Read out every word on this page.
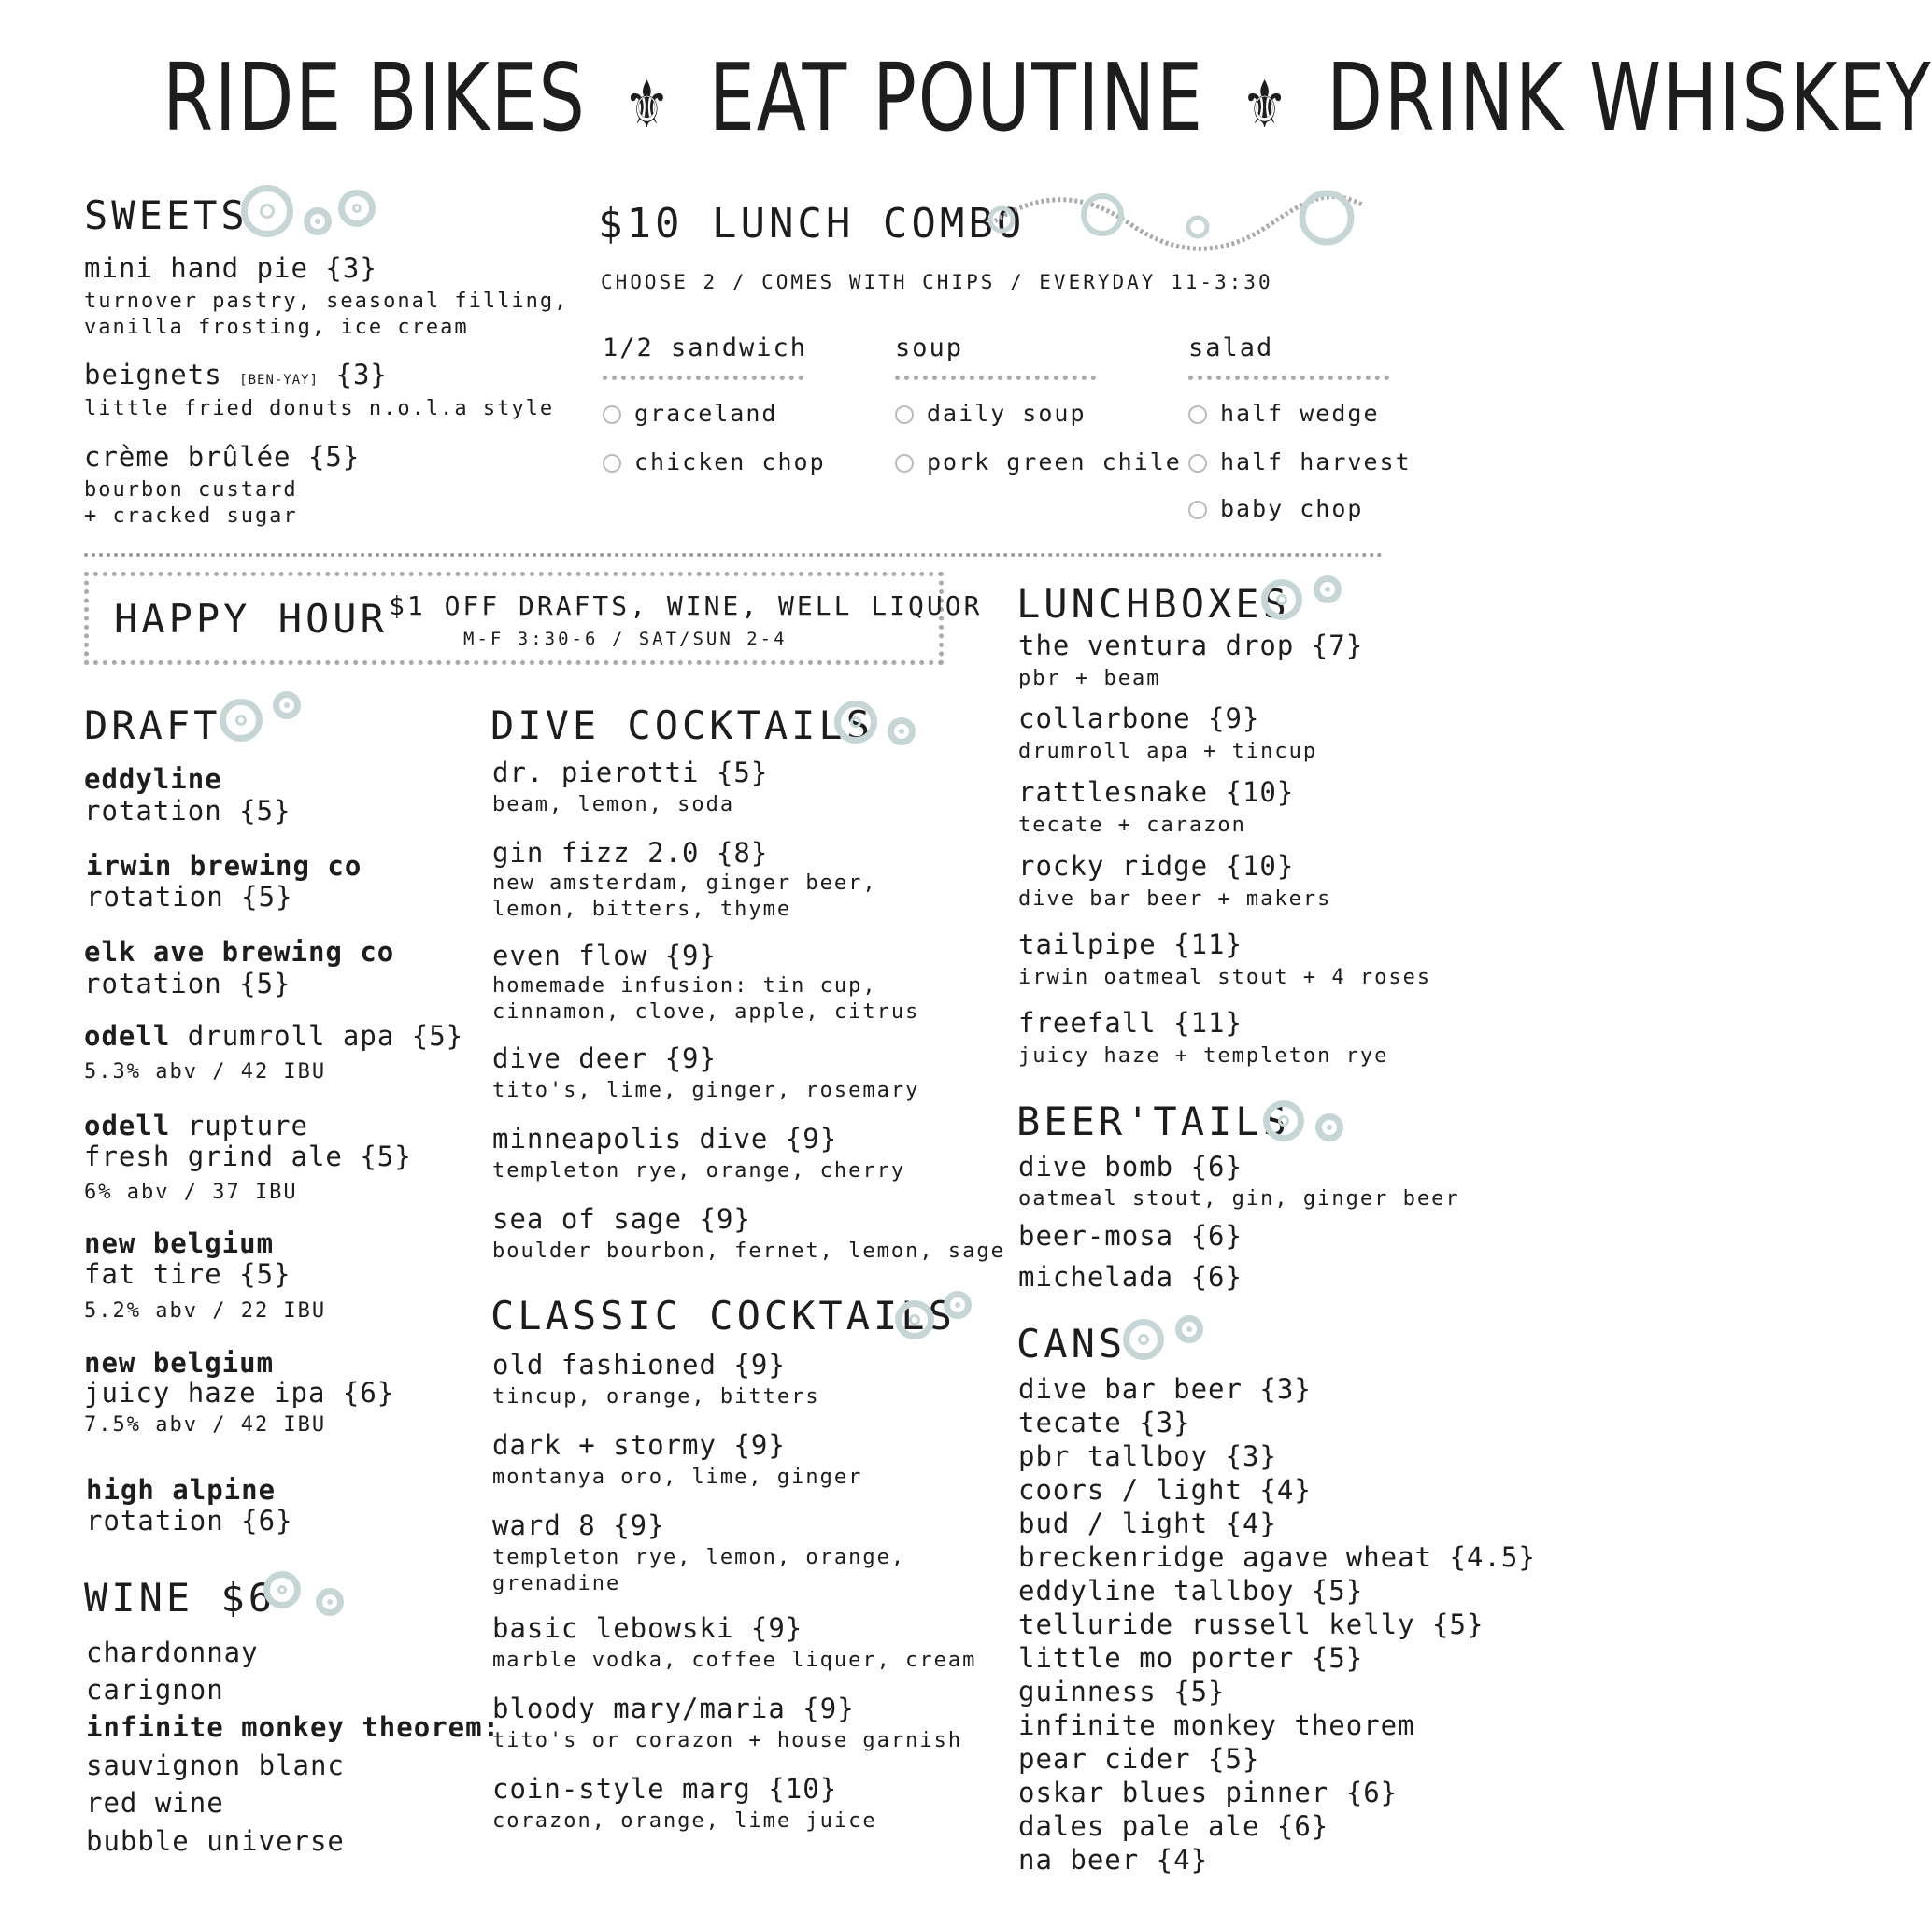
RIDE BIKES ⚜ EAT POUTINE ⚜ DRINK WHISKEY
SWEETS
mini hand pie {3}
turnover pastry, seasonal filling,
vanilla frosting, ice cream
beignets [BEN-YAY] {3}
little fried donuts n.o.l.a style
crème brûlée {5}
bourbon custard
+ cracked sugar
$10 LUNCH COMBO
CHOOSE 2 / COMES WITH CHIPS / EVERYDAY 11-3:30
1/2 sandwich
graceland
chicken chop
soup
daily soup
pork green chile
salad
half wedge
half harvest
baby chop
HAPPY HOUR $1 OFF DRAFTS, WINE, WELL LIQUOR
M-F 3:30-6 / SAT/SUN 2-4
DRAFT
eddyline
rotation {5}
irwin brewing co
rotation {5}
elk ave brewing co
rotation {5}
odell drumroll apa {5}
5.3% abv / 42 IBU
odell rupture
fresh grind ale {5}
6% abv / 37 IBU
new belgium
fat tire {5}
5.2% abv / 22 IBU
new belgium
juicy haze ipa {6}
7.5% abv / 42 IBU
high alpine
rotation {6}
WINE $6
chardonnay
carignon
infinite monkey theorem:
sauvignon blanc
red wine
bubble universe
DIVE COCKTAILS
dr. pierotti {5}
beam, lemon, soda
gin fizz 2.0 {8}
new amsterdam, ginger beer,
lemon, bitters, thyme
even flow {9}
homemade infusion: tin cup,
cinnamon, clove, apple, citrus
dive deer {9}
tito's, lime, ginger, rosemary
minneapolis dive {9}
templeton rye, orange, cherry
sea of sage {9}
boulder bourbon, fernet, lemon, sage
CLASSIC COCKTAILS
old fashioned {9}
tincup, orange, bitters
dark + stormy {9}
montanya oro, lime, ginger
ward 8 {9}
templeton rye, lemon, orange,
grenadine
basic lebowski {9}
marble vodka, coffee liquer, cream
bloody mary/maria {9}
tito's or corazon + house garnish
coin-style marg {10}
corazon, orange, lime juice
LUNCHBOXES
the ventura drop {7}
pbr + beam
collarbone {9}
drumroll apa + tincup
rattlesnake {10}
tecate + carazon
rocky ridge {10}
dive bar beer + makers
tailpipe {11}
irwin oatmeal stout + 4 roses
freefall {11}
juicy haze + templeton rye
BEER'TAILS
dive bomb {6}
oatmeal stout, gin, ginger beer
beer-mosa {6}
michelada {6}
CANS
dive bar beer {3}
tecate {3}
pbr tallboy {3}
coors / light {4}
bud / light {4}
breckenridge agave wheat {4.5}
eddyline tallboy {5}
telluride russell kelly {5}
little mo porter {5}
guinness {5}
infinite monkey theorem
pear cider {5}
oskar blues pinner {6}
dales pale ale {6}
na beer {4}
